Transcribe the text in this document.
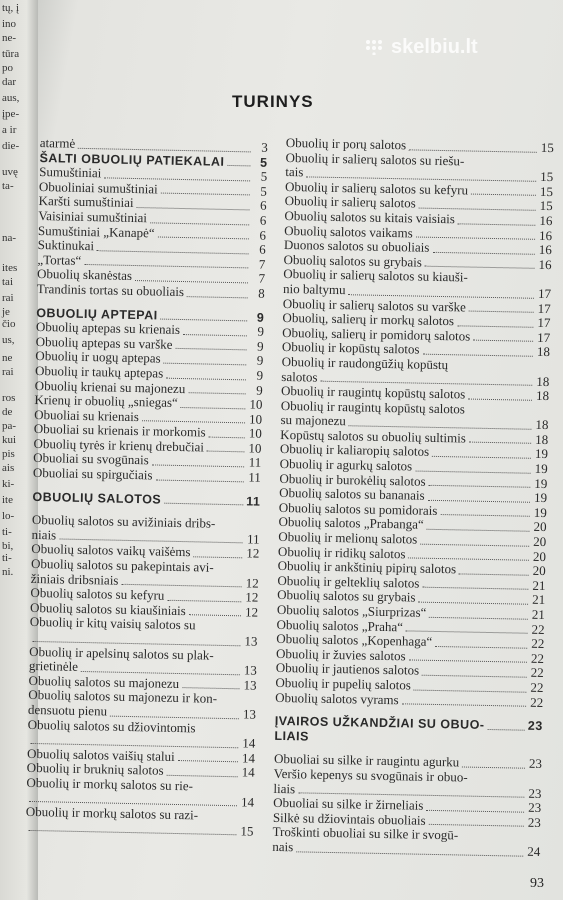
tų, į
ino
ne-
tūra
po
dar
aus,
įpe-
a ir
die-
uvę
ta-
na-
ites
tai
rai
je
čio
us,
ne
rai
ros
de
pa-
kui
pis
ais
ki-
ite
lo-
ti-
bi,
ti-
ni.
skelbiu.lt
TURINYS
atarmė	3
ŠALTI OBUOLIŲ PATIEKALAI	5
Sumuštiniai	5
Obuoliniai sumuštiniai	5
Karšti sumuštiniai	6
Vaisiniai sumuštiniai	6
Sumuštiniai „Kanapė“	6
Suktinukai	6
„Tortas“	7
Obuolių skanėstas	7
Trandinis tortas su obuoliais	8
OBUOLIŲ APTEPAI	9
Obuolių aptepas su krienais	9
Obuolių aptepas su varške	9
Obuolių ir uogų aptepas	9
Obuolių ir taukų aptepas	9
Obuolių krienai su majonezu	9
Krienų ir obuolių „sniegas“	10
Obuoliai su krienais	10
Obuoliai su krienais ir morkomis	10
Obuolių tyrės ir krienų drebučiai	10
Obuoliai su svogūnais	11
Obuoliai su spirgučiais	11
OBUOLIŲ SALOTOS	11
Obuolių salotos su avižiniais dribs-
niais	11
Obuolių salotos vaikų vaišėms	12
Obuolių salotos su pakepintais avi-
žiniais dribsniais	12
Obuolių salotos su kefyru	12
Obuolių salotos su kiaušiniais	12
Obuolių ir kitų vaisių salotos su
13
Obuolių ir apelsinų salotos su plak-
grietinėle	13
Obuolių salotos su majonezu	13
Obuolių salotos su majonezu ir kon-
densuotu pienu	13
Obuolių salotos su džiovintomis
14
Obuolių salotos vaišių stalui	14
Obuolių ir bruknių salotos	14
Obuolių ir morkų salotos su rie-
14
Obuolių ir morkų salotos su razi-
15
Obuolių ir porų salotos	15
Obuolių ir salierų salotos su riešu-
tais	15
Obuolių ir salierų salotos su kefyru	15
Obuolių ir salierų salotos	15
Obuolių salotos su kitais vaisiais	16
Obuolių salotos vaikams	16
Duonos salotos su obuoliais	16
Obuolių salotos su grybais	16
Obuolių ir salierų salotos su kiauši-
nio baltymu	17
Obuolių ir salierų salotos su varške	17
Obuolių, salierų ir morkų salotos	17
Obuolių, salierų ir pomidorų salotos	17
Obuolių ir kopūstų salotos	18
Obuolių ir raudongūžių kopūstų
salotos	18
Obuolių ir raugintų kopūstų salotos	18
Obuolių ir raugintų kopūstų salotos
su majonezu	18
Kopūstų salotos su obuolių sultimis	18
Obuolių ir kaliaropių salotos	19
Obuolių ir agurkų salotos	19
Obuolių ir burokėlių salotos	19
Obuolių salotos su bananais	19
Obuolių salotos su pomidorais	19
Obuolių salotos „Prabanga“	20
Obuolių ir melionų salotos	20
Obuolių ir ridikų salotos	20
Obuolių ir ankštinių pipirų salotos	20
Obuolių ir gelteklių salotos	21
Obuolių salotos su grybais	21
Obuolių salotos „Siurprizas“	21
Obuolių salotos „Praha“	22
Obuolių salotos „Kopenhaga“	22
Obuolių ir žuvies salotos	22
Obuolių ir jautienos salotos	22
Obuolių ir pupelių salotos	22
Obuolių salotos vyrams	22
ĮVAIROS UŽKANDŽIAI SU OBUO-	23
LIAIS
Obuoliai su silke ir raugintu agurku	23
Veršio kepenys su svogūnais ir obuo-
liais	23
Obuoliai su silke ir žirneliais	23
Silkė su džiovintais obuoliais	23
Troškinti obuoliai su silke ir svogū-
nais	24
93
